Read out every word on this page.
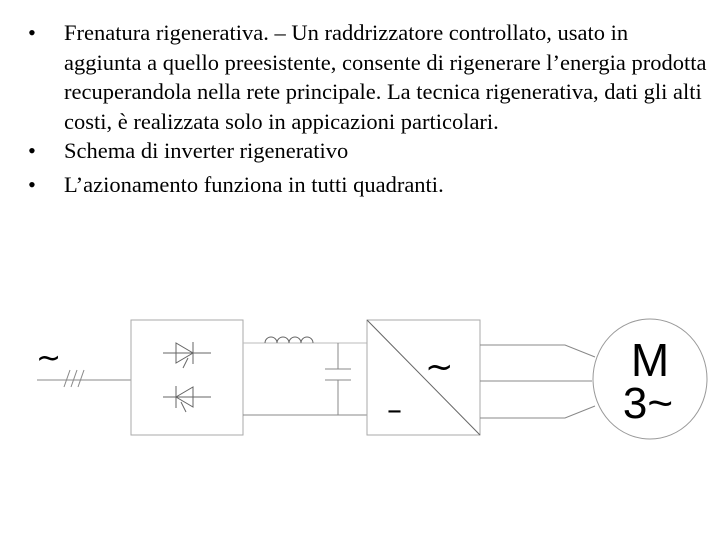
• Frenatura rigenerativa. – Un raddrizzatore controllato, usato in aggiunta a quello preesistente, consente di rigenerare l’energia prodotta recuperandola nella rete principale. La tecnica rigenerativa, dati gli alti costi, è realizzata solo in appicazioni particolari.
• Schema di inverter rigenerativo
• L’azionamento funziona in tutti quadranti.
~	~
–
M
3~
